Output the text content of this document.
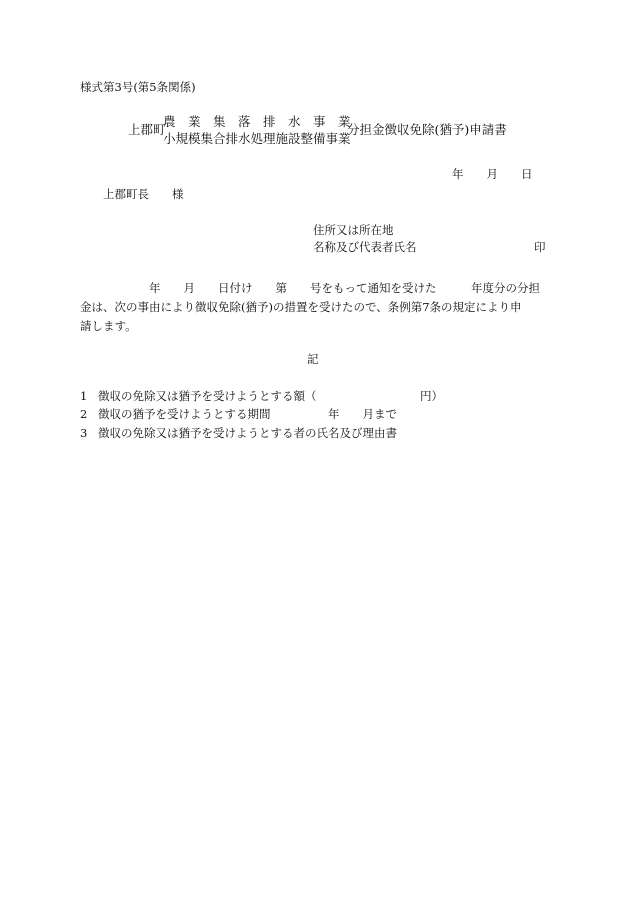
様式第3号(第5条関係)
上郡町
農　業　集　落　排　水　事　業
小規模集合排水処理施設整備事業
分担金徴収免除(猶予)申請書
年 月 日
上郡町長　　様
住所又は所在地
名称及び代表者氏名	印
　　　　　　年　　月　　日付け　　第　　号をもって通知を受けた　　　年度分の分担
金は、次の事由により徴収免除(猶予)の措置を受けたので、条例第7条の規定により申
請します。
記
1 徴収の免除又は猶予を受けようとする額（　　　　　　　　　円）
2 徴収の猶予を受けようとする期間　　　　　年　　月まで
3 徴収の免除又は猶予を受けようとする者の氏名及び理由書
